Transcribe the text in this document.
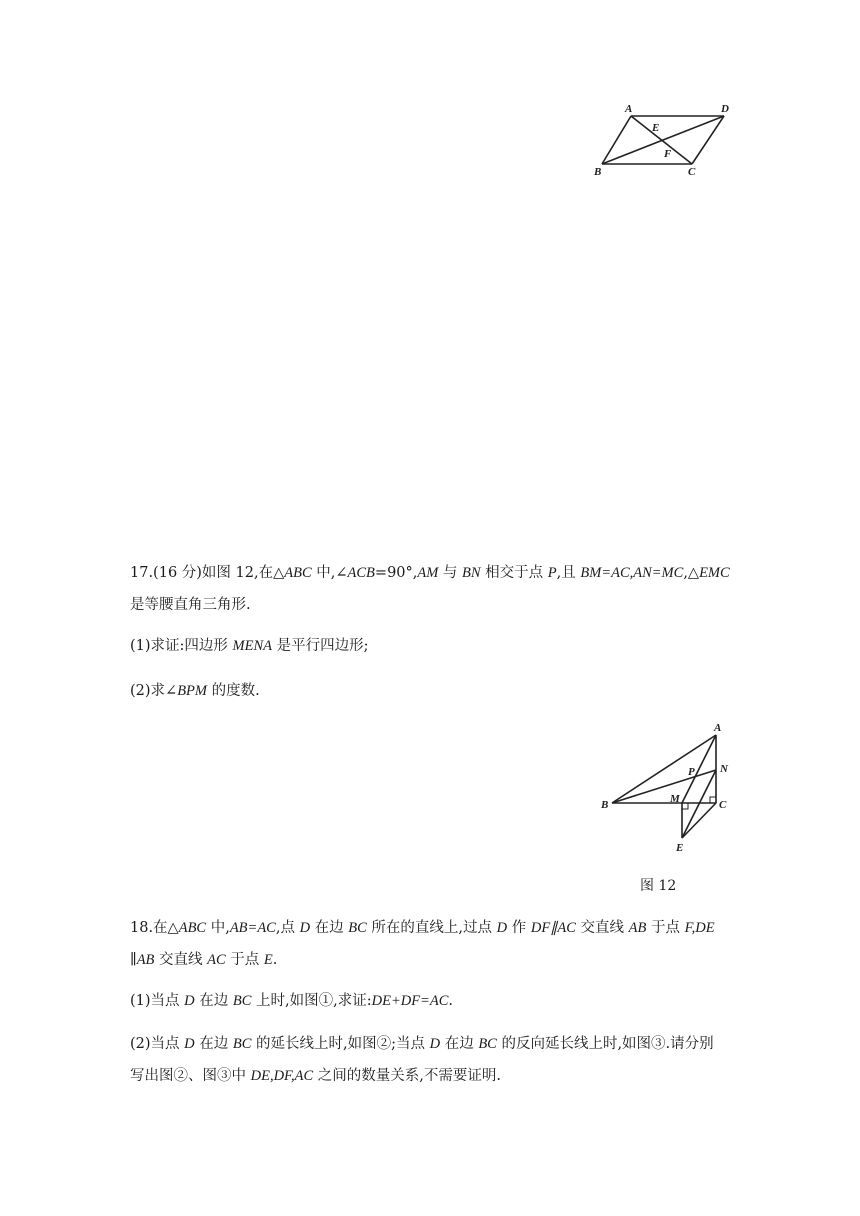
A	D
E
F
B	C
A
N
P
B	M	C
E

17.(16 分)如图 12,在△ABC 中,∠ACB=90°,AM 与 BN 相交于点 P,且 BM=AC,AN=MC,△EMC
是等腰直角三角形.

(1)求证:四边形 MENA 是平行四边形;

(2)求∠BPM 的度数.

图 12

18.在△ABC 中,AB=AC,点 D 在边 BC 所在的直线上,过点 D 作 DF∥AC 交直线 AB 于点 F,DE
∥AB 交直线 AC 于点 E.

(1)当点 D 在边 BC 上时,如图①,求证:DE+DF=AC.

(2)当点 D 在边 BC 的延长线上时,如图②;当点 D 在边 BC 的反向延长线上时,如图③.请分别
写出图②、图③中 DE,DF,AC 之间的数量关系,不需要证明.
